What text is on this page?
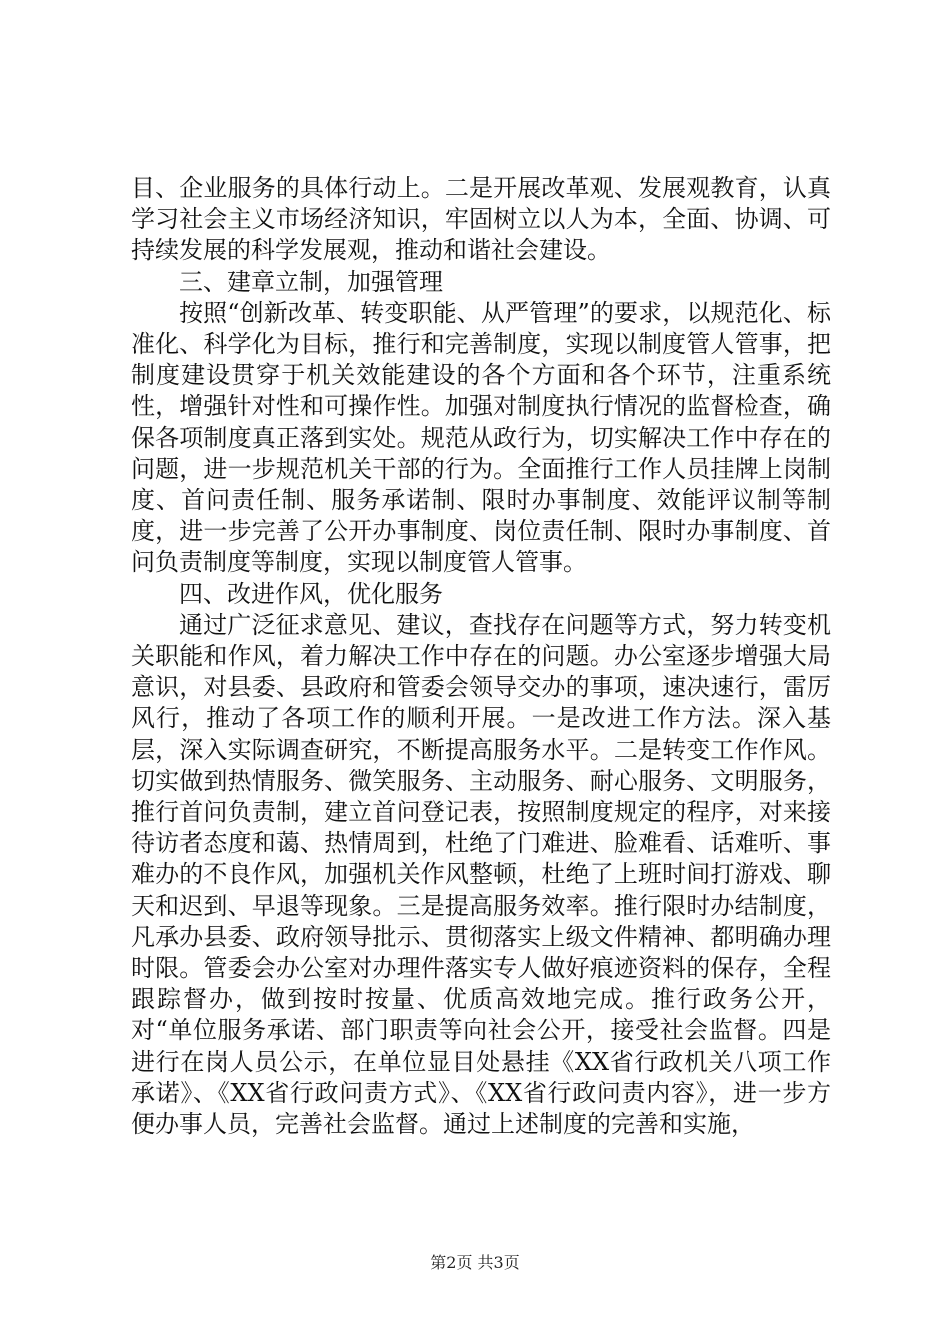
目、企业服务的具体行动上。二是开展改革观、发展观教育，认真学习社会主义市场经济知识，牢固树立以人为本，全面、协调、可持续发展的科学发展观，推动和谐社会建设。

三、建章立制，加强管理

按照“创新改革、转变职能、从严管理”的要求，以规范化、标准化、科学化为目标，推行和完善制度，实现以制度管人管事，把制度建设贯穿于机关效能建设的各个方面和各个环节，注重系统性，增强针对性和可操作性。加强对制度执行情况的监督检查，确保各项制度真正落到实处。规范从政行为，切实解决工作中存在的问题，进一步规范机关干部的行为。全面推行工作人员挂牌上岗制度、首问责任制、服务承诺制、限时办事制度、效能评议制等制度，进一步完善了公开办事制度、岗位责任制、限时办事制度、首问负责制度等制度，实现以制度管人管事。

四、改进作风，优化服务

通过广泛征求意见、建议，查找存在问题等方式，努力转变机关职能和作风，着力解决工作中存在的问题。办公室逐步增强大局意识，对县委、县政府和管委会领导交办的事项，速决速行，雷厉风行，推动了各项工作的顺利开展。一是改进工作方法。深入基层，深入实际调查研究，不断提高服务水平。二是转变工作作风。切实做到热情服务、微笑服务、主动服务、耐心服务、文明服务，推行首问负责制，建立首问登记表，按照制度规定的程序，对来接待访者态度和蔼、热情周到，杜绝了门难进、脸难看、话难听、事难办的不良作风，加强机关作风整顿，杜绝了上班时间打游戏、聊天和迟到、早退等现象。三是提高服务效率。推行限时办结制度，凡承办县委、政府领导批示、贯彻落实上级文件精神、都明确办理时限。管委会办公室对办理件落实专人做好痕迹资料的保存，全程跟踪督办，做到按时按量、优质高效地完成。推行政务公开，对“单位服务承诺、部门职责等向社会公开，接受社会监督。四是进行在岗人员公示，在单位显目处悬挂《XX省行政机关八项工作承诺》、《XX省行政问责方式》、《XX省行政问责内容》，进一步方便办事人员，完善社会监督。通过上述制度的完善和实施，

第2页 共3页
